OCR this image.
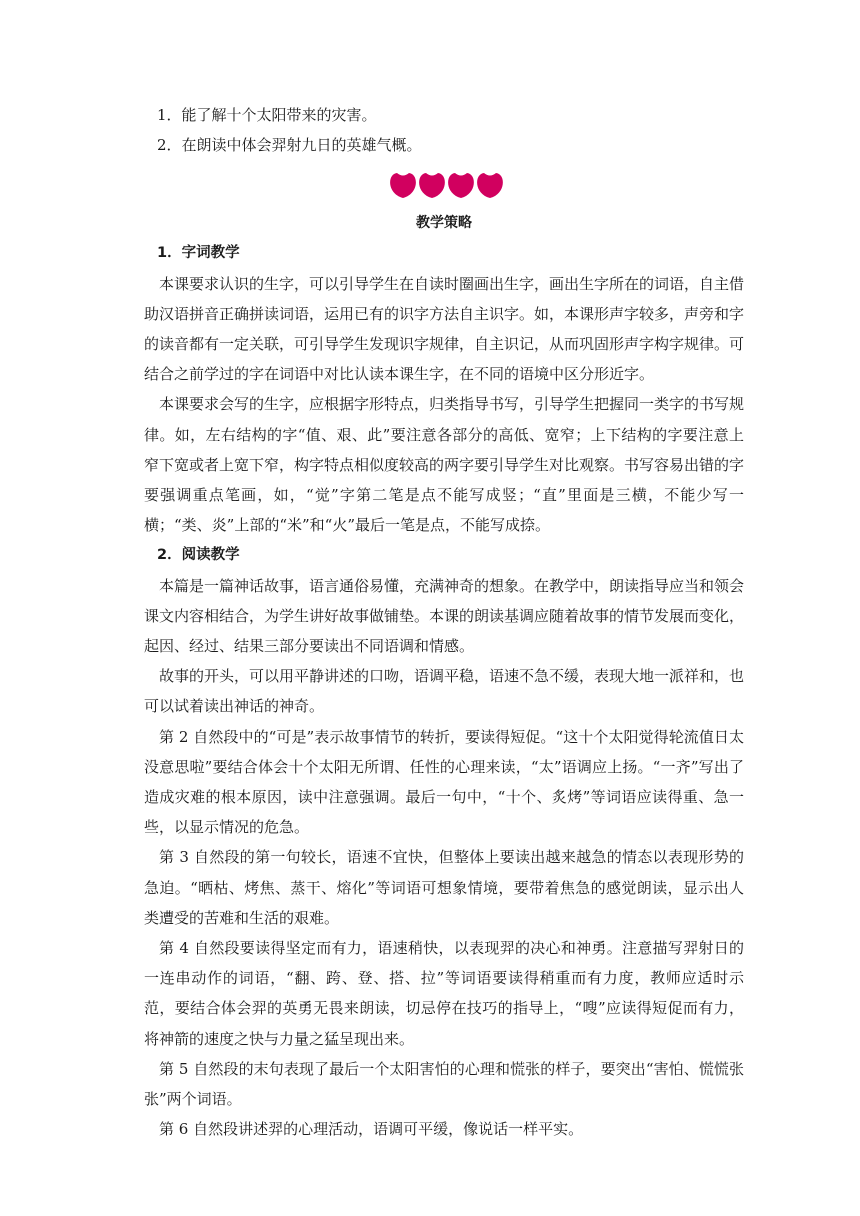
1．能了解十个太阳带来的灾害。

2．在朗读中体会羿射九日的英雄气概。

教学策略

1．字词教学

本课要求认识的生字，可以引导学生在自读时圈画出生字，画出生字所在的词语，自主借助汉语拼音正确拼读词语，运用已有的识字方法自主识字。如，本课形声字较多，声旁和字的读音都有一定关联，可引导学生发现识字规律，自主识记，从而巩固形声字构字规律。可结合之前学过的字在词语中对比认读本课生字，在不同的语境中区分形近字。

本课要求会写的生字，应根据字形特点，归类指导书写，引导学生把握同一类字的书写规律。如，左右结构的字“值、艰、此”要注意各部分的高低、宽窄；上下结构的字要注意上窄下宽或者上宽下窄，构字特点相似度较高的两字要引导学生对比观察。书写容易出错的字要强调重点笔画，如，“觉”字第二笔是点不能写成竖；“直”里面是三横，不能少写一横；“类、炎”上部的“米”和“火”最后一笔是点，不能写成捺。

2．阅读教学

本篇是一篇神话故事，语言通俗易懂，充满神奇的想象。在教学中，朗读指导应当和领会课文内容相结合，为学生讲好故事做铺垫。本课的朗读基调应随着故事的情节发展而变化，起因、经过、结果三部分要读出不同语调和情感。

故事的开头，可以用平静讲述的口吻，语调平稳，语速不急不缓，表现大地一派祥和，也可以试着读出神话的神奇。

第 2 自然段中的“可是”表示故事情节的转折，要读得短促。“这十个太阳觉得轮流值日太没意思啦”要结合体会十个太阳无所谓、任性的心理来读，“太”语调应上扬。“一齐”写出了造成灾难的根本原因，读中注意强调。最后一句中，“十个、炙烤”等词语应读得重、急一些，以显示情况的危急。

第 3 自然段的第一句较长，语速不宜快，但整体上要读出越来越急的情态以表现形势的急迫。“晒枯、烤焦、蒸干、熔化”等词语可想象情境，要带着焦急的感觉朗读，显示出人类遭受的苦难和生活的艰难。

第 4 自然段要读得坚定而有力，语速稍快，以表现羿的决心和神勇。注意描写羿射日的一连串动作的词语，“翻、跨、登、搭、拉”等词语要读得稍重而有力度，教师应适时示范，要结合体会羿的英勇无畏来朗读，切忌停在技巧的指导上，“嗖”应读得短促而有力，将神箭的速度之快与力量之猛呈现出来。

第 5 自然段的末句表现了最后一个太阳害怕的心理和慌张的样子，要突出“害怕、慌慌张张”两个词语。

第 6 自然段讲述羿的心理活动，语调可平缓，像说话一样平实。
